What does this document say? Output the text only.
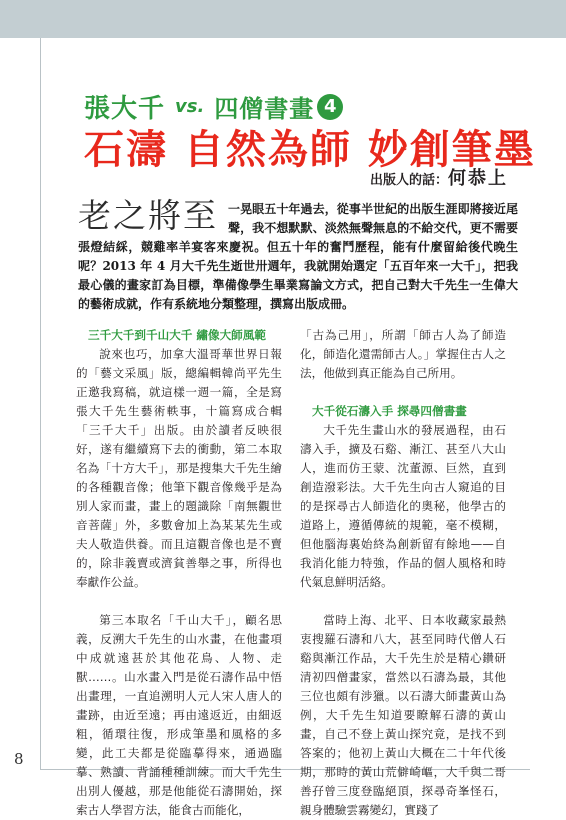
張大千 vs. 四僧書畫 4
石濤 自然為師 妙創筆墨
出版人的話：何恭上
老之將至 一晃眼五十年過去，從事半世紀的出版生涯即將接近尾聲，我不想默默、淡然無聲無息的不給交代，更不需要張燈結綵，競雞率羊宴客來慶祝。但五十年的奮鬥歷程，能有什麼留給後代晚生呢？2013 年 4 月大千先生逝世卅週年，我就開始選定「五百年來一大千」，把我最心儀的畫家訂為目標，準備像學生畢業寫論文方式，把自己對大千先生一生偉大的藝術成就，作有系統地分類整理，撰寫出版成冊。
三千大千到千山大千 繡像大師風範

說來也巧，加拿大溫哥華世界日報的「藝文采風」版，總編輯韓尚平先生正邀我寫稿，就這樣一週一篇，全是寫張大千先生藝術軼事，十篇寫成合輯「三千大千」出版。由於讀者反映很好，遂有繼續寫下去的衝動，第二本取名為「十方大千」，那是搜集大千先生繪的各種觀音像；他筆下觀音像幾乎是為別人家而畫，畫上的題識除「南無觀世音菩薩」外，多數會加上為某某先生或夫人敬造供養。而且這觀音像也是不賣的，除非義賣或濟貧善舉之事，所得也奉獻作公益。

第三本取名「千山大千」，顧名思義，反溯大千先生的山水畫，在他畫項中成就遠甚於其他花鳥、人物、走獸……。山水畫入門是從石濤作品中悟出畫理，一直追溯明人元人宋人唐人的畫跡，由近至遠；再由遠返近，由細返粗，循環往復，形成筆墨和風格的多變，此工夫都是從臨摹得來，通過臨摹、熟讀、背誦種種訓練。而大千先生出別人優越，那是他能從石濤開始，探索古人學習方法，能食古而能化，

「古為己用」，所謂「師古人為了師造化，師造化還需師古人。」掌握住古人之法，他做到真正能為自己所用。

大千從石濤入手 探尋四僧書畫

大千先生畫山水的發展過程，由石濤入手，擴及石谿、漸江、甚至八大山人，進而仿王蒙、沈董源、巨然，直到創造潑彩法。大千先生向古人窺追的目的是探尋古人師造化的奧秘，他學古的道路上，遵循傳統的規範，毫不模糊，但他腦海裏始終為創新留有餘地——自我消化能力特強，作品的個人風格和時代氣息鮮明活絡。

當時上海、北平、日本收藏家最熱衷搜羅石濤和八大，甚至同時代僧人石谿與漸江作品，大千先生於是精心鑽研清初四僧畫家，當然以石濤為最，其他三位也頗有涉獵。以石濤大師畫黃山為例，大千先生知道要瞭解石濤的黃山畫，自己不登上黃山探究竟，是找不到答案的；他初上黃山大概在二十年代後期，那時的黃山荒僻崎嶇，大千與二哥善孖曾三度登臨絕頂，探尋奇峯怪石，親身體驗雲霧變幻，實踐了

8
